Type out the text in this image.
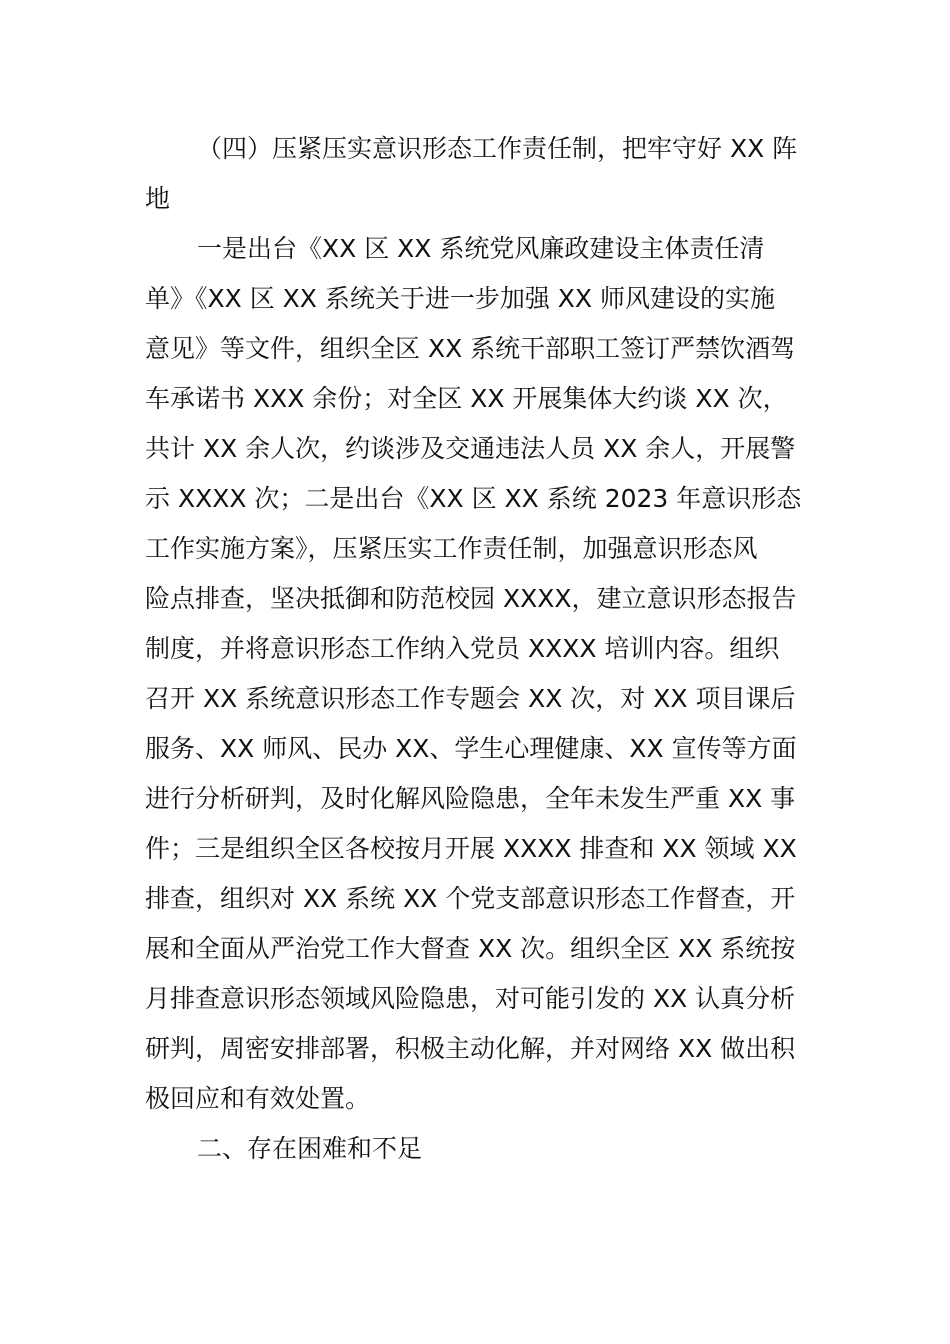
（四）压紧压实意识形态工作责任制，把牢守好 XX 阵
地
一是出台《XX 区 XX 系统党风廉政建设主体责任清
单》《XX 区 XX 系统关于进一步加强 XX 师风建设的实施
意见》等文件，组织全区 XX 系统干部职工签订严禁饮酒驾
车承诺书 XXX 余份；对全区 XX 开展集体大约谈 XX 次，
共计 XX 余人次，约谈涉及交通违法人员 XX 余人，开展警
示 XXXX 次；二是出台《XX 区 XX 系统 2023 年意识形态
工作实施方案》，压紧压实工作责任制，加强意识形态风
险点排查，坚决抵御和防范校园 XXXX，建立意识形态报告
制度，并将意识形态工作纳入党员 XXXX 培训内容。组织
召开 XX 系统意识形态工作专题会 XX 次，对 XX 项目课后
服务、XX 师风、民办 XX、学生心理健康、XX 宣传等方面
进行分析研判，及时化解风险隐患，全年未发生严重 XX 事
件；三是组织全区各校按月开展 XXXX 排查和 XX 领域 XX
排查，组织对 XX 系统 XX 个党支部意识形态工作督查，开
展和全面从严治党工作大督查 XX 次。组织全区 XX 系统按
月排查意识形态领域风险隐患，对可能引发的 XX 认真分析
研判，周密安排部署，积极主动化解，并对网络 XX 做出积
极回应和有效处置。
二、存在困难和不足
